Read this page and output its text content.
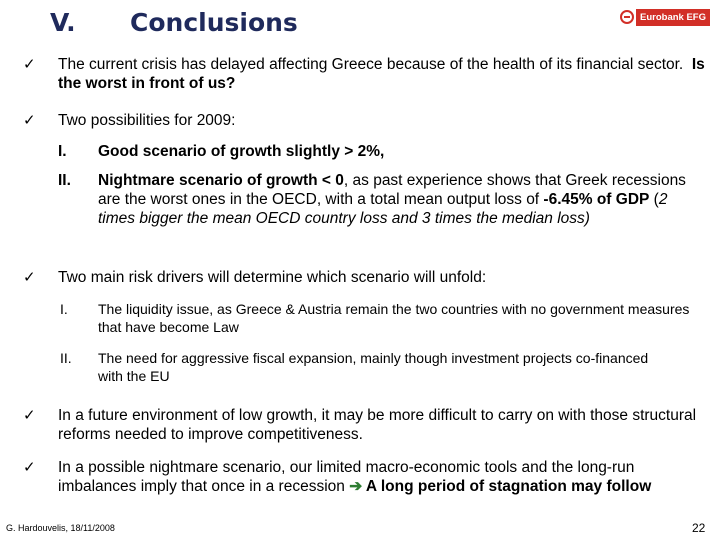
V. Conclusions	Eurobank EFG
✓ The current crisis has delayed affecting Greece because of the health of its financial sector. Is the worst in front of us?
✓ Two possibilities for 2009:
I. Good scenario of growth slightly > 2%,
II. Nightmare scenario of growth < 0, as past experience shows that Greek recessions are the worst ones in the OECD, with a total mean output loss of -6.45% of GDP (2 times bigger the mean OECD country loss and 3 times the median loss)
✓ Two main risk drivers will determine which scenario will unfold:
I. The liquidity issue, as Greece & Austria remain the two countries with no government measures that have become Law
II. The need for aggressive fiscal expansion, mainly though investment projects co-financed with the EU
✓ In a future environment of low growth, it may be more difficult to carry on with those structural reforms needed to improve competitiveness.
✓ In a possible nightmare scenario, our limited macro-economic tools and the long-run imbalances imply that once in a recession ➔ A long period of stagnation may follow
G. Hardouvelis, 18/11/2008	22
